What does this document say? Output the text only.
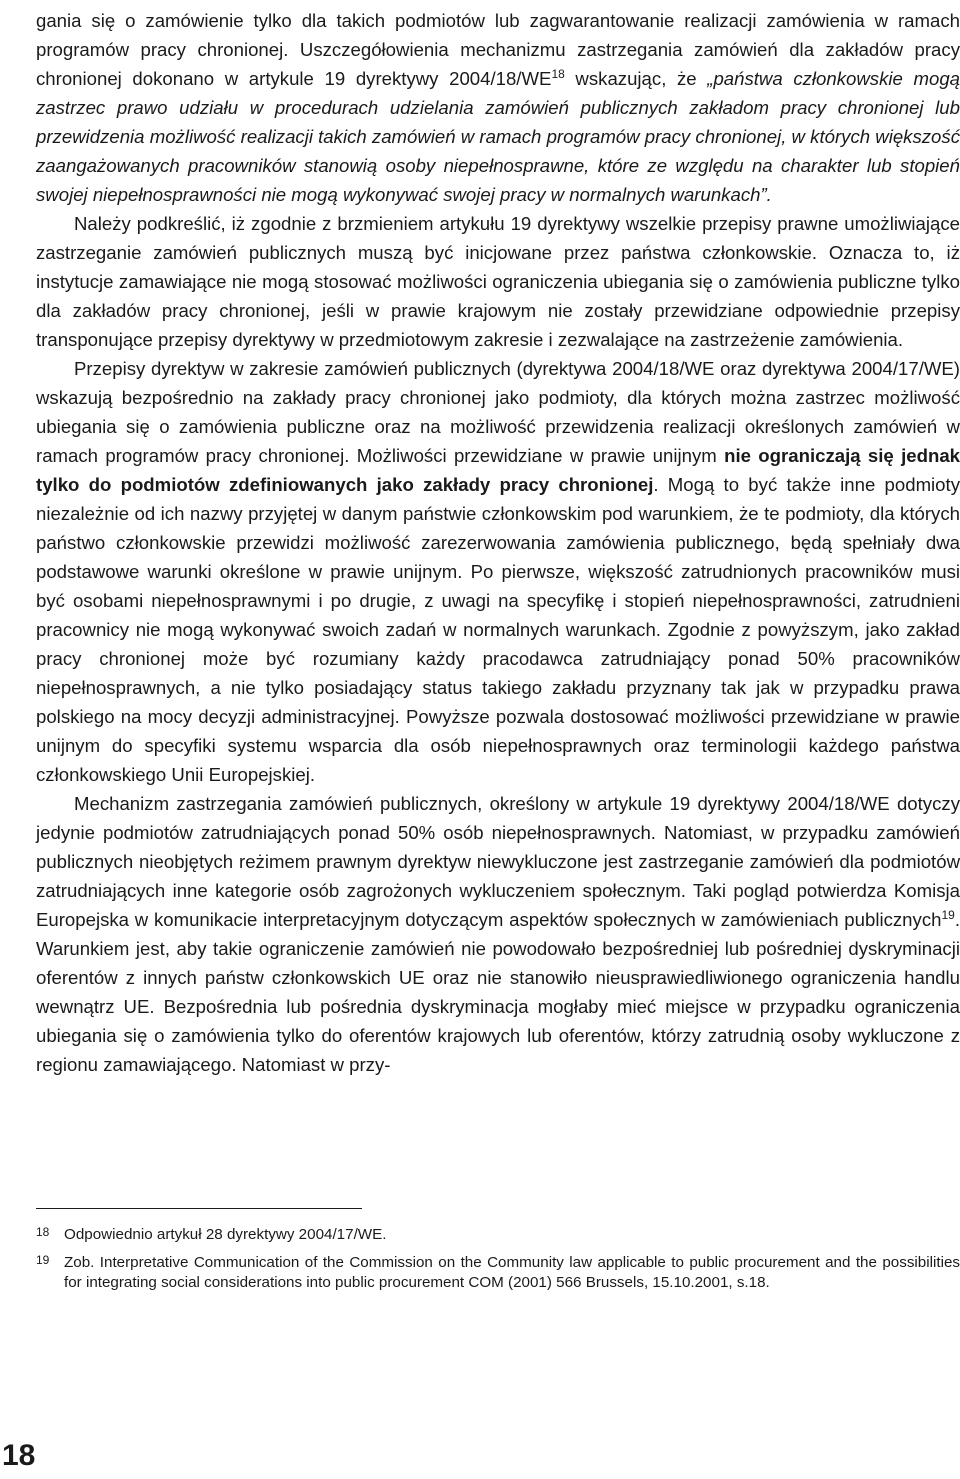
gania się o zamówienie tylko dla takich podmiotów lub zagwarantowanie realizacji zamówienia w ramach programów pracy chronionej. Uszczegółowienia mechanizmu zastrzegania zamówień dla zakładów pracy chronionej dokonano w artykule 19 dyrektywy 2004/18/WE$^{18}$ wskazując, że „państwa członkowskie mogą zastrzec prawo udziału w procedurach udzielania zamówień publicznych zakładom pracy chronionej lub przewidzenia możliwość realizacji takich zamówień w ramach programów pracy chronionej, w których większość zaangażowanych pracowników stanowią osoby niepełnosprawne, które ze względu na charakter lub stopień swojej niepełnosprawności nie mogą wykonywać swojej pracy w normalnych warunkach”.

Należy podkreślić, iż zgodnie z brzmieniem artykułu 19 dyrektywy wszelkie przepisy prawne umożliwiające zastrzeganie zamówień publicznych muszą być inicjowane przez państwa członkowskie. Oznacza to, iż instytucje zamawiające nie mogą stosować możliwości ograniczenia ubiegania się o zamówienia publiczne tylko dla zakładów pracy chronionej, jeśli w prawie krajowym nie zostały przewidziane odpowiednie przepisy transponujące przepisy dyrektywy w przedmiotowym zakresie i zezwalające na zastrzeżenie zamówienia.

Przepisy dyrektyw w zakresie zamówień publicznych (dyrektywa 2004/18/WE oraz dyrektywa 2004/17/WE) wskazują bezpośrednio na zakłady pracy chronionej jako podmioty, dla których można zastrzec możliwość ubiegania się o zamówienia publiczne oraz na możliwość przewidzenia realizacji określonych zamówień w ramach programów pracy chronionej. Możliwości przewidziane w prawie unijnym nie ograniczają się jednak tylko do podmiotów zdefiniowanych jako zakłady pracy chronionej. Mogą to być także inne podmioty niezależnie od ich nazwy przyjętej w danym państwie członkowskim pod warunkiem, że te podmioty, dla których państwo członkowskie przewidzi możliwość zarezerwowania zamówienia publicznego, będą spełniały dwa podstawowe warunki określone w prawie unijnym. Po pierwsze, większość zatrudnionych pracowników musi być osobami niepełnosprawnymi i po drugie, z uwagi na specyfikę i stopień niepełnosprawności, zatrudnieni pracownicy nie mogą wykonywać swoich zadań w normalnych warunkach. Zgodnie z powyższym, jako zakład pracy chronionej może być rozumiany każdy pracodawca zatrudniający ponad 50% pracowników niepełnosprawnych, a nie tylko posiadający status takiego zakładu przyznany tak jak w przypadku prawa polskiego na mocy decyzji administracyjnej. Powyższe pozwala dostosować możliwości przewidziane w prawie unijnym do specyfiki systemu wsparcia dla osób niepełnosprawnych oraz terminologii każdego państwa członkowskiego Unii Europejskiej.

Mechanizm zastrzegania zamówień publicznych, określony w artykule 19 dyrektywy 2004/18/WE dotyczy jedynie podmiotów zatrudniających ponad 50% osób niepełnosprawnych. Natomiast, w przypadku zamówień publicznych nieobjętych reżimem prawnym dyrektyw niewykluczone jest zastrzeganie zamówień dla podmiotów zatrudniających inne kategorie osób zagrożonych wykluczeniem społecznym. Taki pogląd potwierdza Komisja Europejska w komunikacie interpretacyjnym dotyczącym aspektów społecznych w zamówieniach publicznych$^{19}$. Warunkiem jest, aby takie ograniczenie zamówień nie powodowało bezpośredniej lub pośredniej dyskryminacji oferentów z innych państw członkowskich UE oraz nie stanowiło nieusprawiedliwionego ograniczenia handlu wewnątrz UE. Bezpośrednia lub pośrednia dyskryminacja mogłaby mieć miejsce w przypadku ograniczenia ubiegania się o zamówienia tylko do oferentów krajowych lub oferentów, którzy zatrudnią osoby wykluczone z regionu zamawiającego. Natomiast w przy-

18 Odpowiednio artykuł 28 dyrektywy 2004/17/WE.
19 Zob. Interpretative Communication of the Commission on the Community law applicable to public procurement and the possibilities for integrating social considerations into public procurement COM (2001) 566 Brussels, 15.10.2001, s.18.
18
